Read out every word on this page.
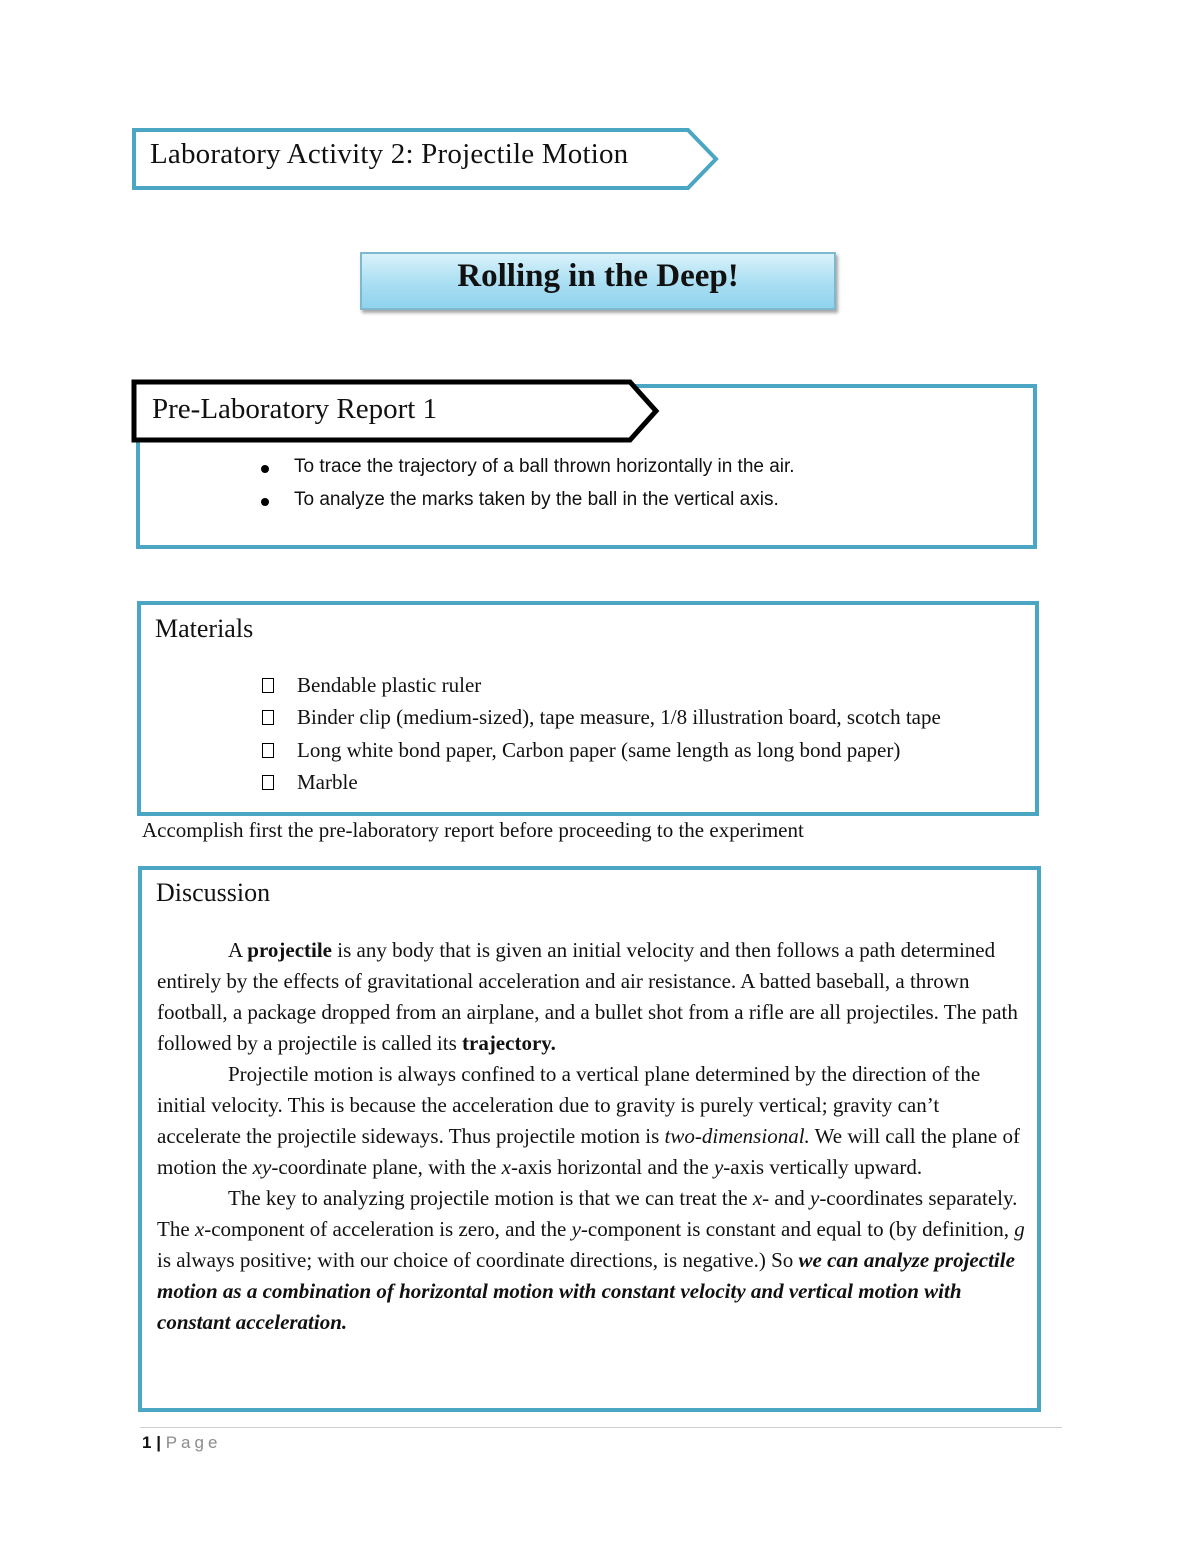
Laboratory Activity 2: Projectile Motion
Rolling in the Deep!
Pre-Laboratory Report 1
To trace the trajectory of a ball thrown horizontally in the air.
To analyze the marks taken by the ball in the vertical axis.
Materials
Bendable plastic ruler
Binder clip (medium-sized), tape measure, 1/8 illustration board, scotch tape
Long white bond paper, Carbon paper (same length as long bond paper)
Marble
Accomplish first the pre-laboratory report before proceeding to the experiment
Discussion

A projectile is any body that is given an initial velocity and then follows a path determined entirely by the effects of gravitational acceleration and air resistance. A batted baseball, a thrown football, a package dropped from an airplane, and a bullet shot from a rifle are all projectiles. The path followed by a projectile is called its trajectory.

Projectile motion is always confined to a vertical plane determined by the direction of the initial velocity. This is because the acceleration due to gravity is purely vertical; gravity can’t accelerate the projectile sideways. Thus projectile motion is two-dimensional. We will call the plane of motion the xy-coordinate plane, with the x-axis horizontal and the y-axis vertically upward.

The key to analyzing projectile motion is that we can treat the x- and y-coordinates separately. The x-component of acceleration is zero, and the y-component is constant and equal to (by definition, g is always positive; with our choice of coordinate directions, is negative.) So we can analyze projectile motion as a combination of horizontal motion with constant velocity and vertical motion with constant acceleration.

1 | Page
